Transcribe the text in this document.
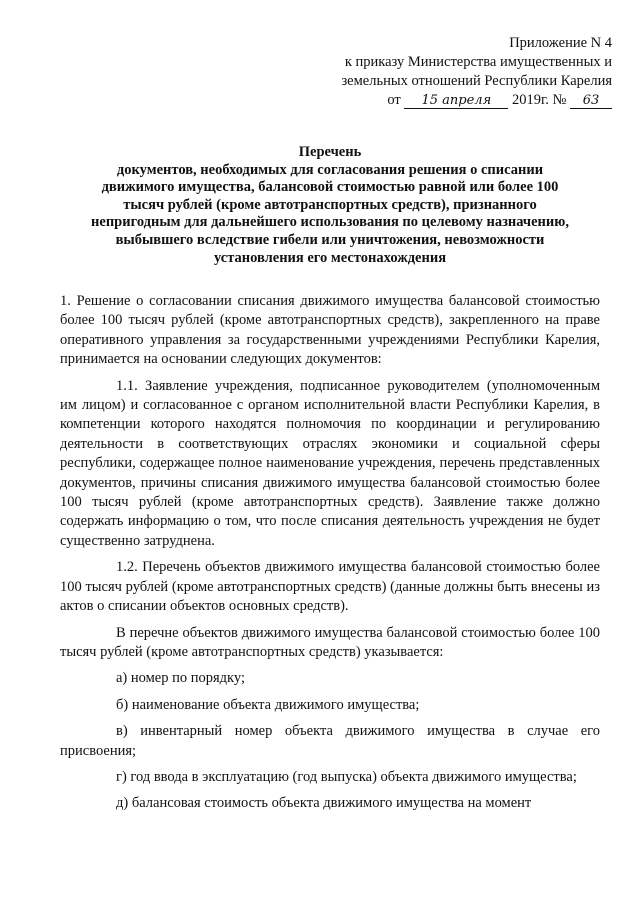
Приложение N 4
к приказу Министерства имущественных и
земельных отношений Республики Карелия
от 15 апреля 2019г. № 63
Перечень
документов, необходимых для согласования решения о списании
движимого имущества, балансовой стоимостью равной или более 100
тысяч рублей (кроме автотранспортных средств), признанного
непригодным для дальнейшего использования по целевому назначению,
выбывшего вследствие гибели или уничтожения, невозможности
установления его местонахождения

1. Решение о согласовании списания движимого имущества балансовой стоимостью более 100 тысяч рублей (кроме автотранспортных средств), закрепленного на праве оперативного управления за государственными учреждениями Республики Карелия, принимается на основании следующих документов:

1.1. Заявление учреждения, подписанное руководителем (уполномоченным им лицом) и согласованное с органом исполнительной власти Республики Карелия, в компетенции которого находятся полномочия по координации и регулированию деятельности в соответствующих отраслях экономики и социальной сферы республики, содержащее полное наименование учреждения, перечень представленных документов, причины списания движимого имущества балансовой стоимостью более 100 тысяч рублей (кроме автотранспортных средств). Заявление также должно содержать информацию о том, что после списания деятельность учреждения не будет существенно затруднена.

1.2. Перечень объектов движимого имущества балансовой стоимостью более 100 тысяч рублей (кроме автотранспортных средств) (данные должны быть внесены из актов о списании объектов основных средств).

В перечне объектов движимого имущества балансовой стоимостью более 100 тысяч рублей (кроме автотранспортных средств) указывается:

а) номер по порядку;

б) наименование объекта движимого имущества;

в) инвентарный номер объекта движимого имущества в случае его присвоения;

г) год ввода в эксплуатацию (год выпуска) объекта движимого имущества;

д) балансовая стоимость объекта движимого имущества на момент
